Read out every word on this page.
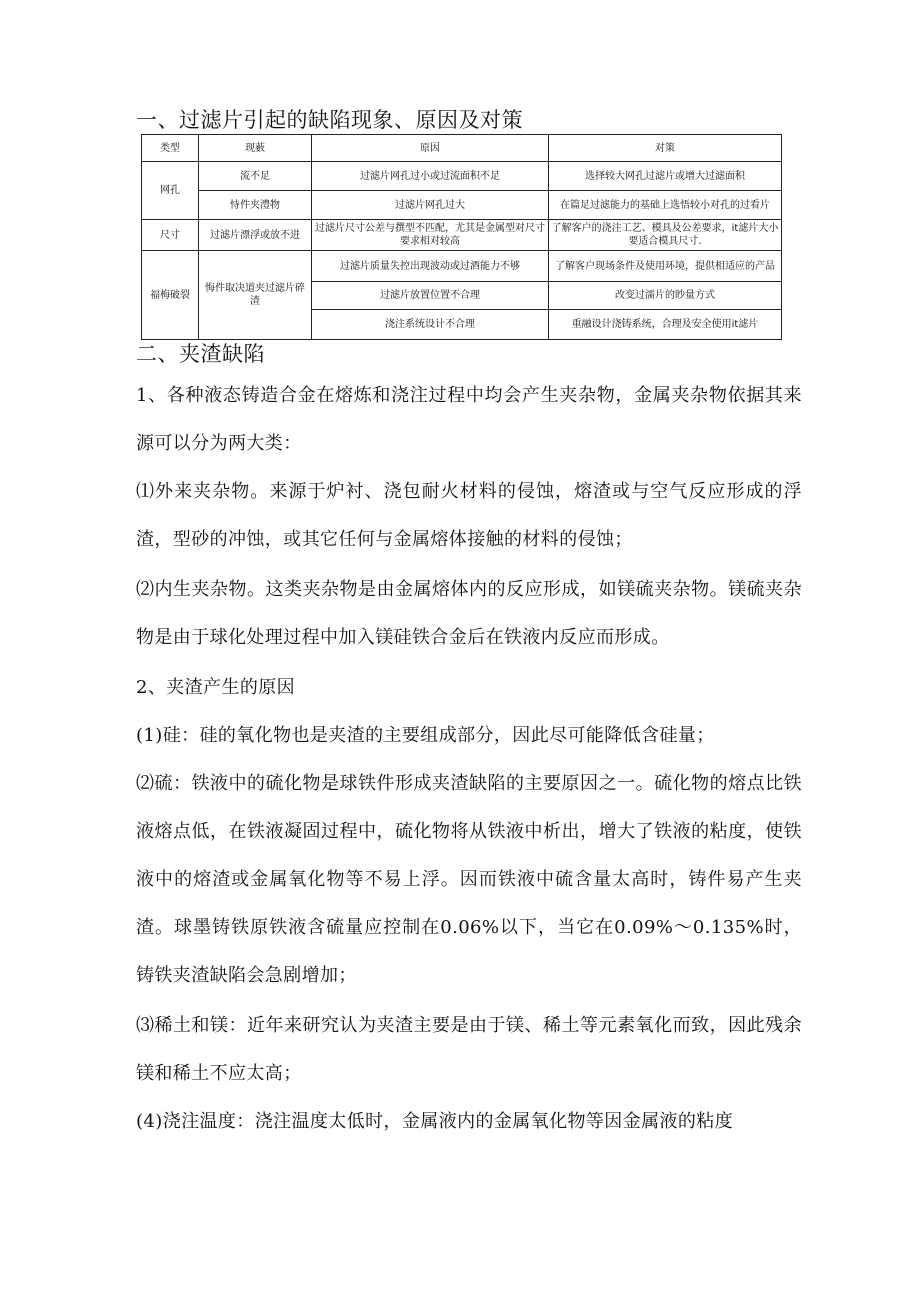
一、过滤片引起的缺陷现象、原因及对策
类型	现薮	原因	对策
网孔	流不足	过滤片网孔过小或过流面积不足	选择较大网孔过滤片或增大过滤面积
	恃件夹澧物	过滤片网孔过大	在篇足过滤能力的基础上选悟较小对孔的过看片
尺寸	过滤片漂浮或放不进	过滤片尺寸公差与撰型不匹配，尤其是金属型对尺寸要求相对较高	了解客户的浇注工艺、模具及公差要求，it滤片大小要适合模具尺寸.
福梅破裂	悔件取决道夹过滤片碎渣	过滤片质量失控出现波动或过酒能力不够	了解客户现场条件及使用环境，提供相适应的产品
		过滤片放置位置不合理	改变过濡片的眇量方式
		浇注系统设计不合理	重融设计浇铸系统，合理及安全使用it滤片
二、夹渣缺陷

1、各种液态铸造合金在熔炼和浇注过程中均会产生夹杂物，金属夹杂物依据其来源可以分为两大类：

⑴外来夹杂物。来源于炉衬、浇包耐火材料的侵蚀，熔渣或与空气反应形成的浮渣，型砂的冲蚀，或其它任何与金属熔体接触的材料的侵蚀；

⑵内生夹杂物。这类夹杂物是由金属熔体内的反应形成，如镁硫夹杂物。镁硫夹杂物是由于球化处理过程中加入镁硅铁合金后在铁液内反应而形成。

2、夹渣产生的原因

(1)硅：硅的氧化物也是夹渣的主要组成部分，因此尽可能降低含硅量；

⑵硫：铁液中的硫化物是球铁件形成夹渣缺陷的主要原因之一。硫化物的熔点比铁液熔点低，在铁液凝固过程中，硫化物将从铁液中析出，增大了铁液的粘度，使铁液中的熔渣或金属氧化物等不易上浮。因而铁液中硫含量太高时，铸件易产生夹渣。球墨铸铁原铁液含硫量应控制在0.06%以下，当它在0.09%～0.135%时，铸铁夹渣缺陷会急剧增加；

⑶稀土和镁：近年来研究认为夹渣主要是由于镁、稀土等元素氧化而致，因此残余镁和稀土不应太高；

(4)浇注温度：浇注温度太低时，金属液内的金属氧化物等因金属液的粘度
